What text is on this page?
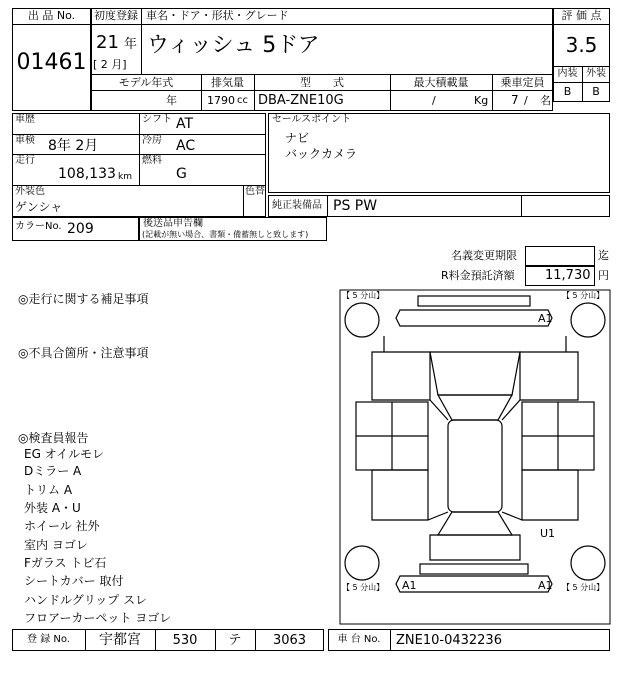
出 品 No.
01461
初度登録 車名・ドア・形状・グレード
21 年
[ 2 月]
ウィッシュ 5ドア
モデル年式	排気量	型　　式	最大積載量	乗車定員
年	1790 cc DBA-ZNE10G	/	Kg 7 / 名
評 価 点
3.5
内装 外装
B	B
車歴	シフト AT
車検 8年 2月	冷房 AC
走行
108,133 km
燃料
G
外装色
ゲンシャ
色替
セールスポイント
ナビ
バックカメラ
純正装備品 PS PW
カラーNo. 209	後送品申告欄
(記載が無い場合、書類・備蓄無しと致します)
名義変更期限	迄
R料金預託済額 11,730 円
◎走行に関する補足事項
◎不具合箇所・注意事項
◎検査員報告
EG オイルモレ
Dミラー A
トリム A
外装 A・U
ホイール 社外
室内 ヨゴレ
Fガラス トビ石
シートカバー 取付
ハンドルグリップ スレ
フロアーカーペット ヨゴレ
【 5 分山】	【 5 分山】
【 5 分山】	【 5 分山】
A1
U1
A1	A1
登 録 No.	宇都宮	530	テ	3063	車 台 No.	ZNE10-0432236
